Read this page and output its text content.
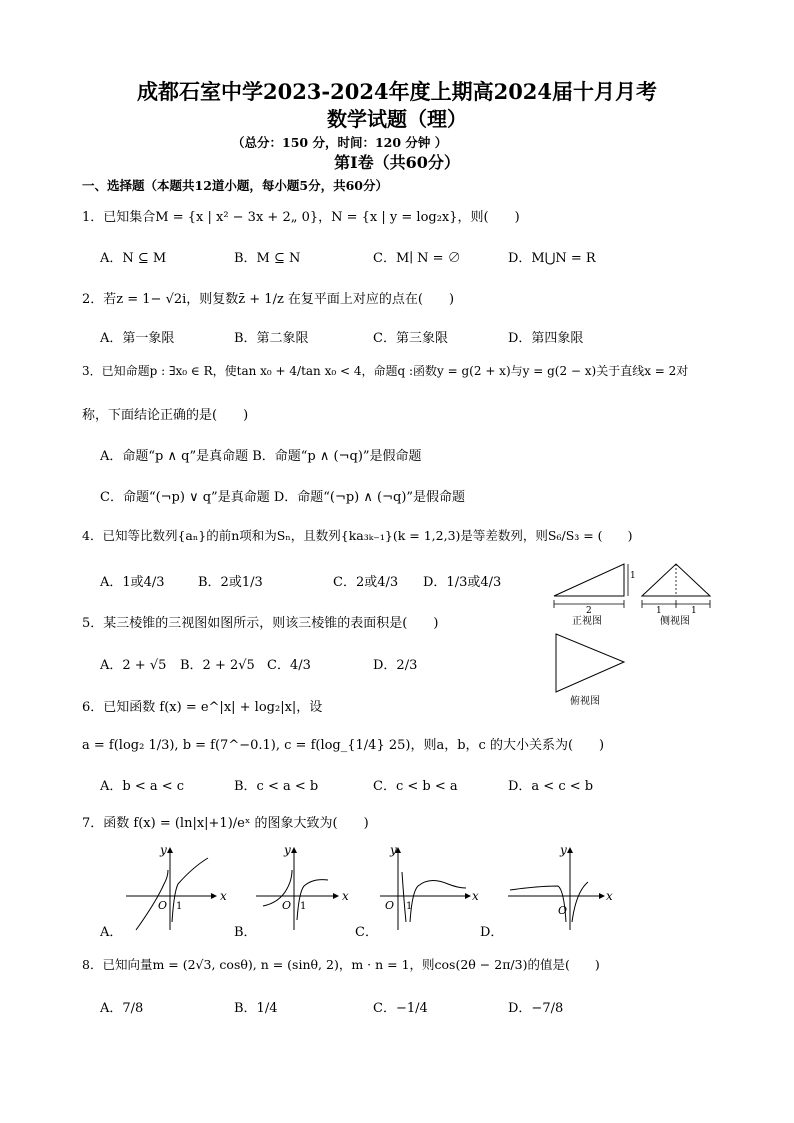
成都石室中学2023-2024年度上期高2024届十月月考
数学试题（理）
（总分：150 分，时间：120 分钟 ）
第Ⅰ卷（共60分）
一、选择题（本题共12道小题，每小题5分，共60分）
1．已知集合M = {x | x² − 3x + 2„ 0}，N = {x | y = log₂x}，则(　　)
A．N ⊆ M	B．M ⊆ N	C．M∣ N = ∅	D．M⋃N = R
2．若z = 1− √2i，则复数z̄ + 1/z 在复平面上对应的点在(　　)
A．第一象限	B．第二象限	C．第三象限	D．第四象限
3．已知命题p : ∃x₀ ∈ R，使tan x₀ + 4/tan x₀ < 4，命题q :函数y = g(2 + x)与y = g(2 − x)关于直线x = 2对
称，下面结论正确的是(　　)
A．命题“p ∧ q”是真命题 B．命题“p ∧ (¬q)”是假命题
C．命题“(¬p) ∨ q”是真命题 D．命题“(¬p) ∧ (¬q)”是假命题
4．已知等比数列{aₙ}的前n项和为Sₙ，且数列{ka₃ₖ₋₁}(k = 1,2,3)是等差数列，则S₆/S₃ = (　　)
A．1或4/3	B．2或1/3	C．2或4/3 D．1/3或4/3
2
1
正视图
1	1
侧视图
俯视图
5．某三棱锥的三视图如图所示，则该三棱锥的表面积是(　　)
A．2 + √5 B．2 + 2√5 C．4/3	D．2/3
6．已知函数 f(x) = e^|x| + log₂|x|，设
a = f(log₂ 1/3), b = f(7^−0.1), c = f(log_{1/4} 25)，则a，b，c 的大小关系为(　　)
A．b < a < c	B．c < a < b	C．c < b < a	D．a < c < b
7．函数 f(x) = (ln|x|+1)/eˣ 的图象大致为(　　)
x
y
O 1
x
y
O 1
x
y
O 1
x
y
O
A．	B．	C．	D．
8．已知向量m = (2√3, cosθ), n = (sinθ, 2)，m · n = 1，则cos(2θ − 2π/3)的值是(　　)
A．7/8	B．1/4	C．−1/4	D．−7/8
